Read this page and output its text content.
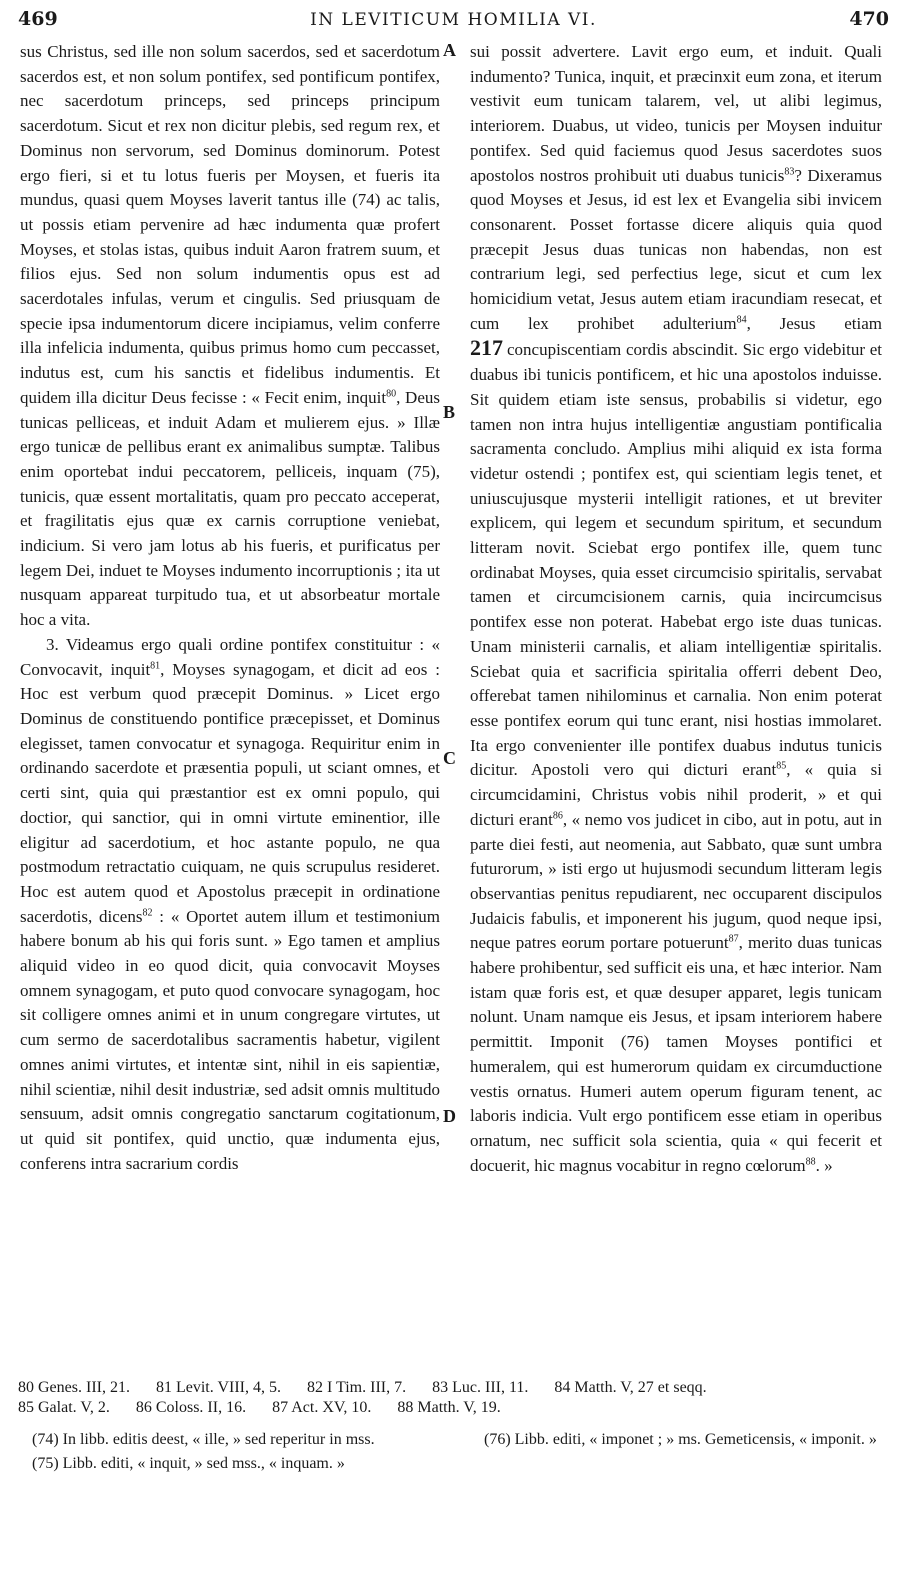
469	IN LEVITICUM HOMILIA VI.	470

sus Christus, sed ille non solum sacerdos, sed et sacerdotum sacerdos est, et non solum pontifex, sed pontificum pontifex, nec sacerdotum princeps, sed princeps principum sacerdotum. Sicut et rex non dicitur plebis, sed regum rex, et Dominus non servorum, sed Dominus dominorum. Potest ergo fieri, si et tu lotus fueris per Moysen, et fueris ita mundus, quasi quem Moyses laverit tantus ille (74) ac talis, ut possis etiam pervenire ad hæc indumenta quæ profert Moyses, et stolas istas, quibus induit Aaron fratrem suum, et filios ejus. Sed non solum indumentis opus est ad sacerdotales infulas, verum et cingulis. Sed priusquam de specie ipsa indumentorum dicere incipiamus, velim conferre illa infelicia indumenta, quibus primus homo cum peccasset, indutus est, cum his sanctis et fidelibus indumentis. Et quidem illa dicitur Deus fecisse : « Fecit enim, inquit$^{80}$, Deus tunicas pelliceas, et induit Adam et mulierem ejus. » Illæ ergo tunicæ de pellibus erant ex animalibus sumptæ. Talibus enim oportebat indui peccatorem, pelliceis, inquam (75), tunicis, quæ essent mortalitatis, quam pro peccato acceperat, et fragilitatis ejus quæ ex carnis corruptione veniebat, indicium. Si vero jam lotus ab his fueris, et purificatus per legem Dei, induet te Moyses indumento incorruptionis ; ita ut nusquam appareat turpitudo tua, et ut absorbeatur mortale hoc a vita.

3. Videamus ergo quali ordine pontifex constituitur : « Convocavit, inquit$^{81}$, Moyses synagogam, et dicit ad eos : Hoc est verbum quod præcepit Dominus. » Licet ergo Dominus de constituendo pontifice præcepisset, et Dominus elegisset, tamen convocatur et synagoga. Requiritur enim in ordinando sacerdote et præsentia populi, ut sciant omnes, et certi sint, quia qui præstantior est ex omni populo, qui doctior, qui sanctior, qui in omni virtute eminentior, ille eligitur ad sacerdotium, et hoc astante populo, ne qua postmodum retractatio cuiquam, ne quis scrupulus resideret. Hoc est autem quod et Apostolus præcepit in ordinatione sacerdotis, dicens$^{82}$ : « Oportet autem illum et testimonium habere bonum ab his qui foris sunt. » Ego tamen et amplius aliquid video in eo quod dicit, quia convocavit Moyses omnem synagogam, et puto quod convocare synagogam, hoc sit colligere omnes animi et in unum congregare virtutes, ut cum sermo de sacerdotalibus sacramentis habetur, vigilent omnes animi virtutes, et intentæ sint, nihil in eis sapientiæ, nihil scientiæ, nihil desit industriæ, sed adsit omnis multitudo sensuum, adsit omnis congregatio sanctarum cogitationum, ut quid sit pontifex, quid unctio, quæ indumenta ejus, conferens intra sacrarium cordis

A
B
C
D

sui possit advertere. Lavit ergo eum, et induit. Quali indumento? Tunica, inquit, et præcinxit eum zona, et iterum vestivit eum tunicam talarem, vel, ut alibi legimus, interiorem. Duabus, ut video, tunicis per Moysen induitur pontifex. Sed quid faciemus quod Jesus sacerdotes suos apostolos nostros prohibuit uti duabus tunicis$^{83}$? Dixeramus quod Moyses et Jesus, id est lex et Evangelia sibi invicem consonarent. Posset fortasse dicere aliquis quia quod præcepit Jesus duas tunicas non habendas, non est contrarium legi, sed perfectius lege, sicut et cum lex homicidium vetat, Jesus autem etiam iracundiam resecat, et cum lex prohibet adulterium$^{84}$, Jesus etiam 217 concupiscentiam cordis abscindit. Sic ergo videbitur et duabus ibi tunicis pontificem, et hic una apostolos induisse. Sit quidem etiam iste sensus, probabilis si videtur, ego tamen non intra hujus intelligentiæ angustiam pontificalia sacramenta concludo. Amplius mihi aliquid ex ista forma videtur ostendi ; pontifex est, qui scientiam legis tenet, et uniuscujusque mysterii intelligit rationes, et ut breviter explicem, qui legem et secundum spiritum, et secundum litteram novit. Sciebat ergo pontifex ille, quem tunc ordinabat Moyses, quia esset circumcisio spiritalis, servabat tamen et circumcisionem carnis, quia incircumcisus pontifex esse non poterat. Habebat ergo iste duas tunicas. Unam ministerii carnalis, et aliam intelligentiæ spiritalis. Sciebat quia et sacrificia spiritalia offerri debent Deo, offerebat tamen nihilominus et carnalia. Non enim poterat esse pontifex eorum qui tunc erant, nisi hostias immolaret. Ita ergo convenienter ille pontifex duabus indutus tunicis dicitur. Apostoli vero qui dicturi erant$^{85}$, « quia si circumcidamini, Christus vobis nihil proderit, » et qui dicturi erant$^{86}$, « nemo vos judicet in cibo, aut in potu, aut in parte diei festi, aut neomenia, aut Sabbato, quæ sunt umbra futurorum, » isti ergo ut hujusmodi secundum litteram legis observantias penitus repudiarent, nec occuparent discipulos Judaicis fabulis, et imponerent his jugum, quod neque ipsi, neque patres eorum portare potuerunt$^{87}$, merito duas tunicas habere prohibentur, sed sufficit eis una, et hæc interior. Nam istam quæ foris est, et quæ desuper apparet, legis tunicam nolunt. Unam namque eis Jesus, et ipsam interiorem habere permittit. Imponit (76) tamen Moyses pontifici et humeralem, qui est humerorum quidam ex circumductione vestis ornatus. Humeri autem operum figuram tenent, ac laboris indicia. Vult ergo pontificem esse etiam in operibus ornatum, nec sufficit sola scientia, quia « qui fecerit et docuerit, hic magnus vocabitur in regno cœlorum$^{88}$. »

80 Genes. III, 21. 81 Levit. VIII, 4, 5. 82 I Tim. III, 7. 83 Luc. III, 11. 84 Matth. V, 27 et seqq.
85 Galat. V, 2. 86 Coloss. II, 16. 87 Act. XV, 10. 88 Matth. V, 19.

(74) In libb. editis deest, « ille, » sed reperitur in mss.

(75) Libb. editi, « inquit, » sed mss., « inquam. »

(76) Libb. editi, « imponet ; » ms. Gemeticensis, « imponit. »
